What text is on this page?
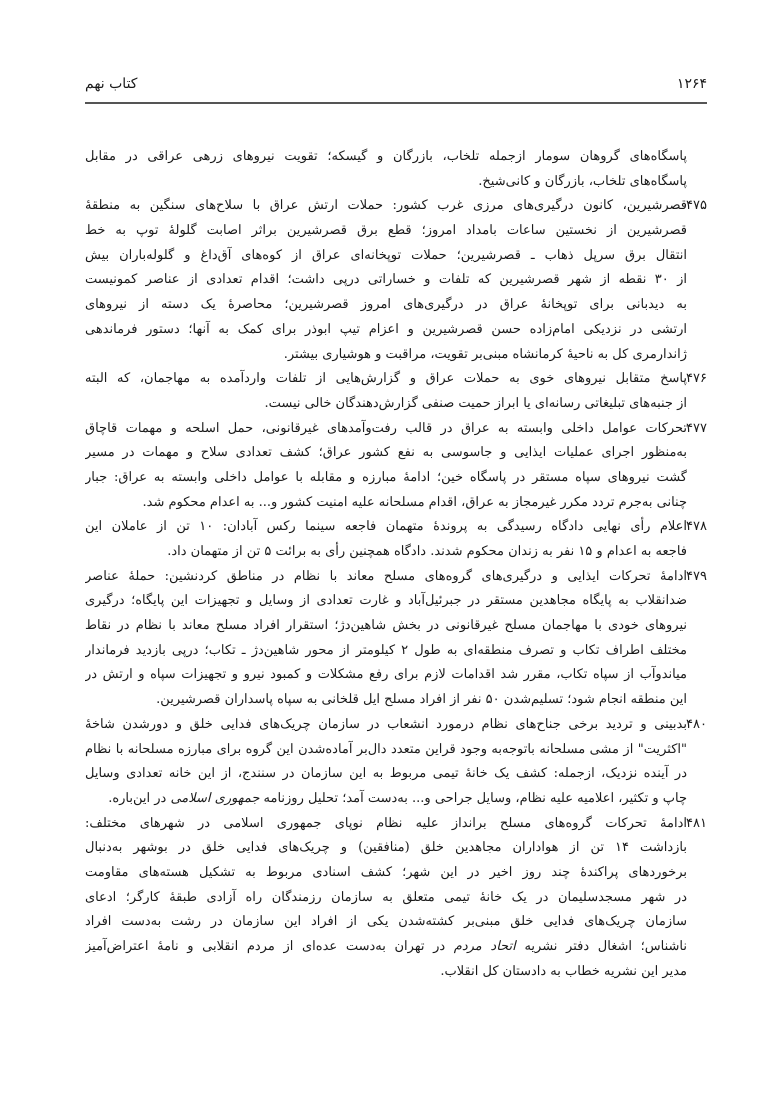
۱۲۶۴
کتاب نهم
پاسگاه‌های گروهان سومار ازجمله تلخاب، بازرگان و گیسکه؛ تقویت نیروهای زرهی عراقی در مقابل
پاسگاه‌های تلخاب، بازرگان و کانی‌شیخ.
۴۷۵
قصرشیرین، کانون درگیری‌های مرزی غرب کشور: حملات ارتش عراق با سلاح‌های سنگین به منطقهٔ
قصرشیرین از نخستین ساعات بامداد امروز؛ قطع برق قصرشیرین براثر اصابت گلولهٔ توپ به خط
انتقال برق سرپل ذهاب ـ قصرشیرین؛ حملات توپخانه‌ای عراق از کوه‌های آق‌داغ و گلوله‌باران بیش
از ۳۰ نقطه از شهر قصرشیرین که تلفات و خساراتی درپی داشت؛ اقدام تعدادی از عناصر کمونیست
به دیدبانی برای توپخانهٔ عراق در درگیری‌های امروز قصرشیرین؛ محاصرهٔ یک دسته از نیروهای
ارتشی در نزدیکی امام‌زاده حسن قصرشیرین و اعزام تیپ ابوذر برای کمک به آنها؛ دستور فرماندهی
ژاندارمری کل به ناحیهٔ کرمانشاه مبنی‌بر تقویت، مراقبت و هوشیاری بیشتر.
۴۷۶
پاسخ متقابل نیروهای خوی به حملات عراق و گزارش‌هایی از تلفات واردآمده به مهاجمان، که البته
از جنبه‌های تبلیغاتی رسانه‌ای یا ابراز حمیت صنفی گزارش‌دهندگان خالی نیست.
۴۷۷
تحرکات عوامل داخلی وابسته به عراق در قالب رفت‌وآمدهای غیرقانونی، حمل اسلحه و مهمات قاچاق
به‌منظور اجرای عملیات ایذایی و جاسوسی به نفع کشور عراق؛ کشف تعدادی سلاح و مهمات در مسیر
گشت نیروهای سپاه مستقر در پاسگاه خین؛ ادامهٔ مبارزه و مقابله با عوامل داخلی وابسته به عراق: جبار
چنانی به‌جرم تردد مکرر غیرمجاز به عراق، اقدام مسلحانه علیه امنیت کشور و... به اعدام محکوم شد.
۴۷۸
اعلام رأی نهایی دادگاه رسیدگی به پروندهٔ متهمان فاجعه سینما رکس آبادان: ۱۰ تن از عاملان این
فاجعه به اعدام و ۱۵ نفر به زندان محکوم شدند. دادگاه همچنین رأی به برائت ۵ تن از متهمان داد.
۴۷۹
ادامهٔ تحرکات ایذایی و درگیری‌های گروه‌های مسلح معاند با نظام در مناطق کردنشین: حملهٔ عناصر
ضدانقلاب به پایگاه مجاهدین مستقر در جبرئیل‌آباد و غارت تعدادی از وسایل و تجهیزات این پایگاه؛ درگیری
نیروهای خودی با مهاجمان مسلح غیرقانونی در بخش شاهین‌دژ؛ استقرار افراد مسلح معاند با نظام در نقاط
مختلف اطراف تکاب و تصرف منطقه‌ای به طول ۲ کیلومتر از محور شاهین‌دژ ـ تکاب؛ درپی بازدید فرماندار
میاندوآب از سپاه تکاب، مقرر شد اقدامات لازم برای رفع مشکلات و کمبود نیرو و تجهیزات سپاه و ارتش در
این منطقه انجام شود؛ تسلیم‌شدن ۵۰ نفر از افراد مسلح ایل قلخانی به سپاه پاسداران قصرشیرین.
۴۸۰
بدبینی و تردید برخی جناح‌های نظام درمورد انشعاب در سازمان چریک‌های فدایی خلق و دورشدن شاخهٔ
"اکثریت" از مشی مسلحانه باتوجه‌به وجود قراین متعدد دال‌بر آماده‌شدن این گروه برای مبارزه مسلحانه با نظام
در آینده نزدیک، ازجمله: کشف یک خانهٔ تیمی مربوط به این سازمان در سنندج، از این خانه تعدادی وسایل
چاپ و تکثیر، اعلامیه علیه نظام، وسایل جراحی و... به‌دست آمد؛ تحلیل روزنامه جمهوری اسلامی در این‌باره.
۴۸۱
ادامهٔ تحرکات گروه‌های مسلح برانداز علیه نظام نوپای جمهوری اسلامی در شهرهای مختلف:
بازداشت ۱۴ تن از هواداران مجاهدین خلق (منافقین) و چریک‌های فدایی خلق در بوشهر به‌دنبال
برخوردهای پراکندهٔ چند روز اخیر در این شهر؛ کشف اسنادی مربوط به تشکیل هسته‌های مقاومت
در شهر مسجدسلیمان در یک خانهٔ تیمی متعلق به سازمان رزمندگان راه آزادی طبقهٔ کارگر؛ ادعای
سازمان چریک‌های فدایی خلق مبنی‌بر کشته‌شدن یکی از افراد این سازمان در رشت به‌دست افراد
ناشناس؛ اشغال دفتر نشریه اتحاد مردم در تهران به‌دست عده‌ای از مردم انقلابی و نامهٔ اعتراض‌آمیز
مدیر این نشریه خطاب به دادستان کل انقلاب.
